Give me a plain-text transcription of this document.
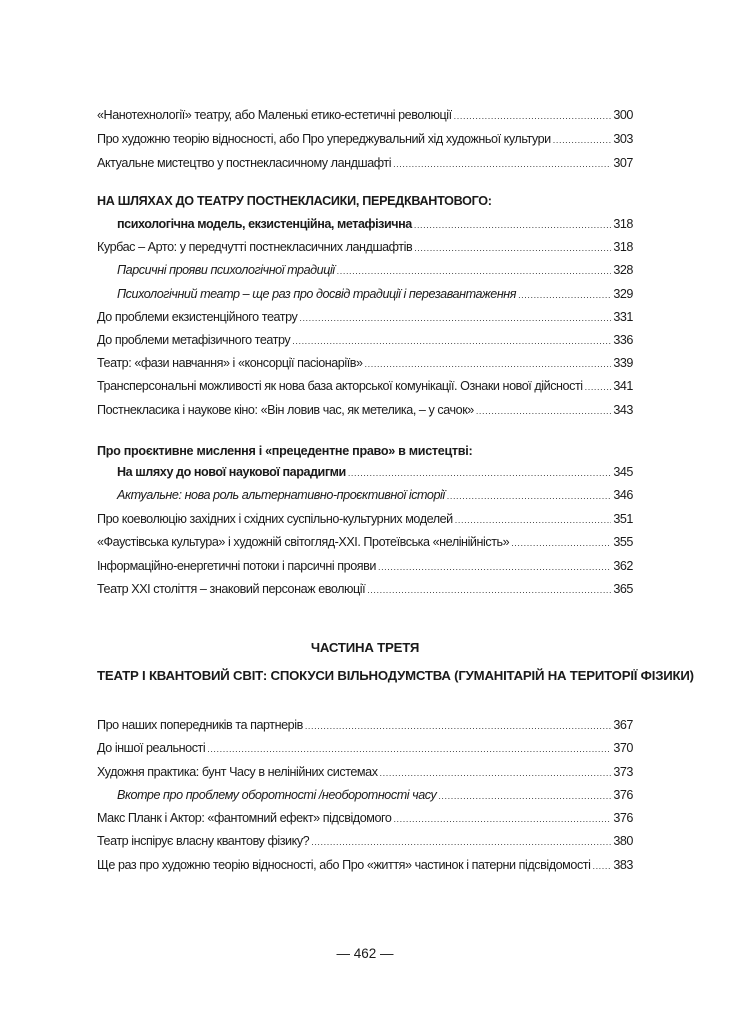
«Нанотехнології» театру, або Маленькі етико-естетичні революції .....	300
Про художню теорію відносності, або Про упереджувальний хід художньої культури .....	303
Актуальне мистецтво у постнекласичному ландшафті .....	307
НА ШЛЯХАХ ДО ТЕАТРУ ПОСТНЕКЛАСИКИ, ПЕРЕДКВАНТОВОГО:
психологічна модель, екзистенційна, метафізична .....	318
Курбас – Арто: у передчутті постнекласичних ландшафтів .....	318
Парсичні прояви психологічної традиції .....	328
Психологічний театр – ще раз про досвід традиції і перезавантаження .....	329
До проблеми екзистенційного театру .....	331
До проблеми метафізичного театру .....	336
Театр: «фази навчання» і «консорції пасіонаріїв» .....	339
Трансперсональні можливості як нова база акторської комунікації. Ознаки нової дійсності ..... 341
Постнекласика і наукове кіно: «Він ловив час, як метелика, – у сачок» .....	343
Про проєктивне мислення і «прецедентне право» в мистецтві:
На шляху до нової наукової парадигми .....	345
Актуальне: нова роль альтернативно-проєктивної історії .....	346
Про коеволюцію західних і східних суспільно-культурних моделей .....	351
«Фаустівська культура» і художній світогляд-ХХІ. Протеївська «нелінійність» .....	355
Інформаційно-енергетичні потоки і парсичні прояви .....	362
Театр ХХІ століття – знаковий персонаж еволюції .....	365
ЧАСТИНА ТРЕТЯ
ТЕАТР І КВАНТОВИЙ СВІТ: СПОКУСИ ВІЛЬНОДУМСТВА (ГУМАНІТАРІЙ НА ТЕРИТОРІЇ ФІЗИКИ)
Про наших попередників та партнерів .....	367
До іншої реальності .....	370
Художня практика: бунт Часу в нелінійних системах .....	373
Вкотре про проблему оборотності /необоротності часу .....	376
Макс Планк і Актор: «фантомний ефект» підсвідомого .....	376
Театр інспірує власну квантову фізику? .....	380
Ще раз про художню теорію відносності, або Про «життя» частинок і патерни підсвідомості ..... 383
— 462 —
